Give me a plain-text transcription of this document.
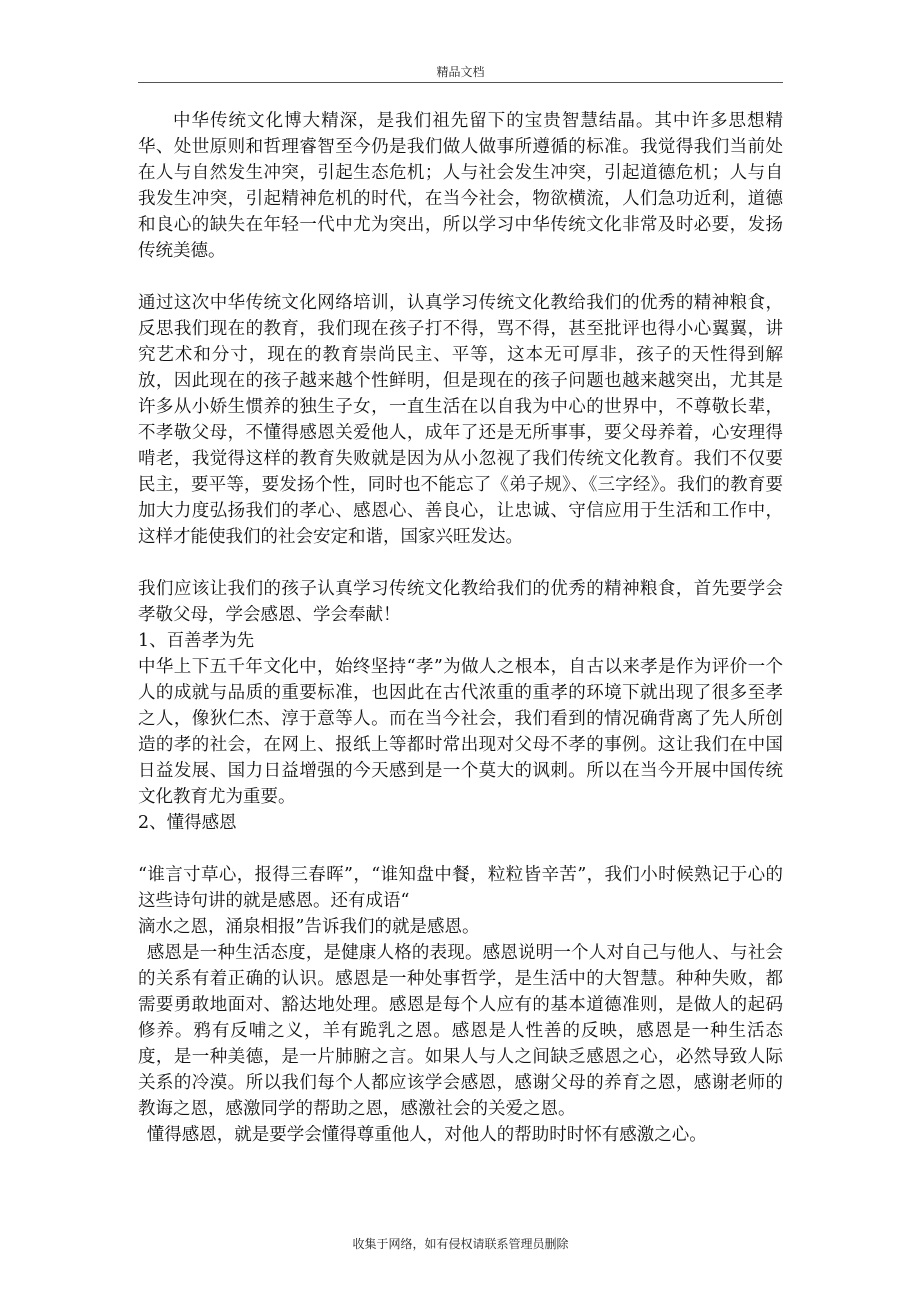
精品文档

中华传统文化博大精深，是我们祖先留下的宝贵智慧结晶。其中许多思想精华、处世原则和哲理睿智至今仍是我们做人做事所遵循的标准。我觉得我们当前处在人与自然发生冲突，引起生态危机；人与社会发生冲突，引起道德危机；人与自我发生冲突，引起精神危机的时代，在当今社会，物欲横流，人们急功近利，道德和良心的缺失在年轻一代中尤为突出，所以学习中华传统文化非常及时必要，发扬传统美德。

通过这次中华传统文化网络培训，认真学习传统文化教给我们的优秀的精神粮食，反思我们现在的教育，我们现在孩子打不得，骂不得，甚至批评也得小心翼翼，讲究艺术和分寸，现在的教育崇尚民主、平等，这本无可厚非，孩子的天性得到解放，因此现在的孩子越来越个性鲜明，但是现在的孩子问题也越来越突出，尤其是许多从小娇生惯养的独生子女，一直生活在以自我为中心的世界中，不尊敬长辈，不孝敬父母，不懂得感恩关爱他人，成年了还是无所事事，要父母养着，心安理得啃老，我觉得这样的教育失败就是因为从小忽视了我们传统文化教育。我们不仅要民主，要平等，要发扬个性，同时也不能忘了《弟子规》、《三字经》。我们的教育要加大力度弘扬我们的孝心、感恩心、善良心，让忠诚、守信应用于生活和工作中，这样才能使我们的社会安定和谐，国家兴旺发达。

我们应该让我们的孩子认真学习传统文化教给我们的优秀的精神粮食，首先要学会孝敬父母，学会感恩、学会奉献！

1、百善孝为先

中华上下五千年文化中，始终坚持“孝”为做人之根本，自古以来孝是作为评价一个人的成就与品质的重要标准，也因此在古代浓重的重孝的环境下就出现了很多至孝之人，像狄仁杰、淳于意等人。而在当今社会，我们看到的情况确背离了先人所创造的孝的社会，在网上、报纸上等都时常出现对父母不孝的事例。这让我们在中国日益发展、国力日益增强的今天感到是一个莫大的讽刺。所以在当今开展中国传统文化教育尤为重要。

2、懂得感恩

“谁言寸草心，报得三春晖”，“谁知盘中餐，粒粒皆辛苦”，我们小时候熟记于心的这些诗句讲的就是感恩。还有成语“

滴水之恩，涌泉相报”告诉我们的就是感恩。

感恩是一种生活态度，是健康人格的表现。感恩说明一个人对自己与他人、与社会的关系有着正确的认识。感恩是一种处事哲学，是生活中的大智慧。种种失败，都需要勇敢地面对、豁达地处理。感恩是每个人应有的基本道德准则，是做人的起码修养。鸦有反哺之义，羊有跪乳之恩。感恩是人性善的反映，感恩是一种生活态度，是一种美德，是一片肺腑之言。如果人与人之间缺乏感恩之心，必然导致人际关系的冷漠。所以我们每个人都应该学会感恩，感谢父母的养育之恩，感谢老师的教诲之恩，感激同学的帮助之恩，感激社会的关爱之恩。

懂得感恩，就是要学会懂得尊重他人，对他人的帮助时时怀有感激之心。

收集于网络，如有侵权请联系管理员删除
